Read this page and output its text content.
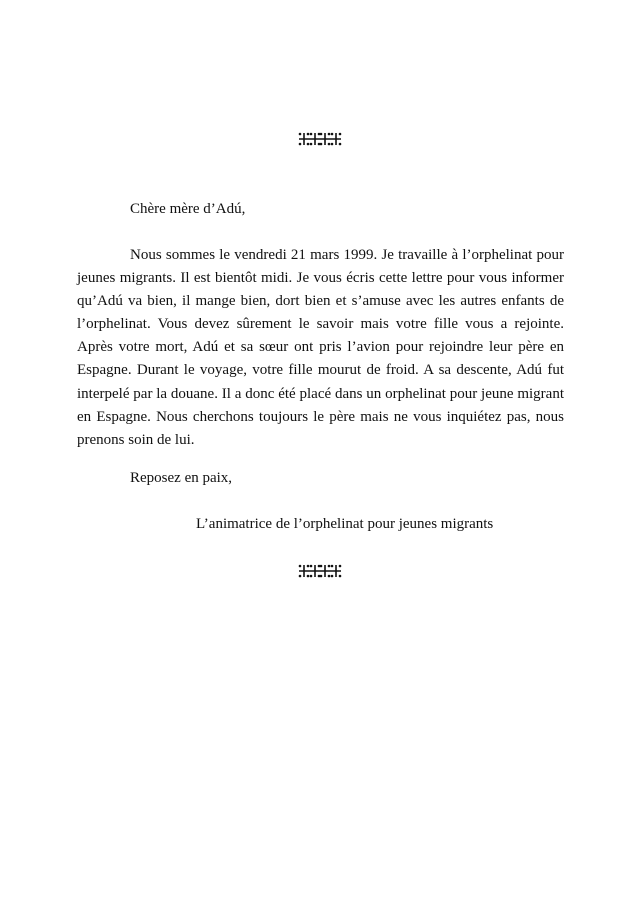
Chère mère d’Adú,

Nous sommes le vendredi 21 mars 1999. Je travaille à l’orphelinat pour jeunes migrants. Il est bientôt midi. Je vous écris cette lettre pour vous informer qu’Adú va bien, il mange bien, dort bien et s’amuse avec les autres enfants de l’orphelinat. Vous devez sûrement le savoir mais votre fille vous a rejointe. Après votre mort, Adú et sa sœur ont pris l’avion pour rejoindre leur père en Espagne. Durant le voyage, votre fille mourut de froid. A sa descente, Adú fut interpelé par la douane. Il a donc été placé dans un orphelinat pour jeune migrant en Espagne. Nous cherchons toujours le père mais ne vous inquiétez pas, nous prenons soin de lui.

Reposez en paix,
L’animatrice de l’orphelinat pour jeunes migrants
